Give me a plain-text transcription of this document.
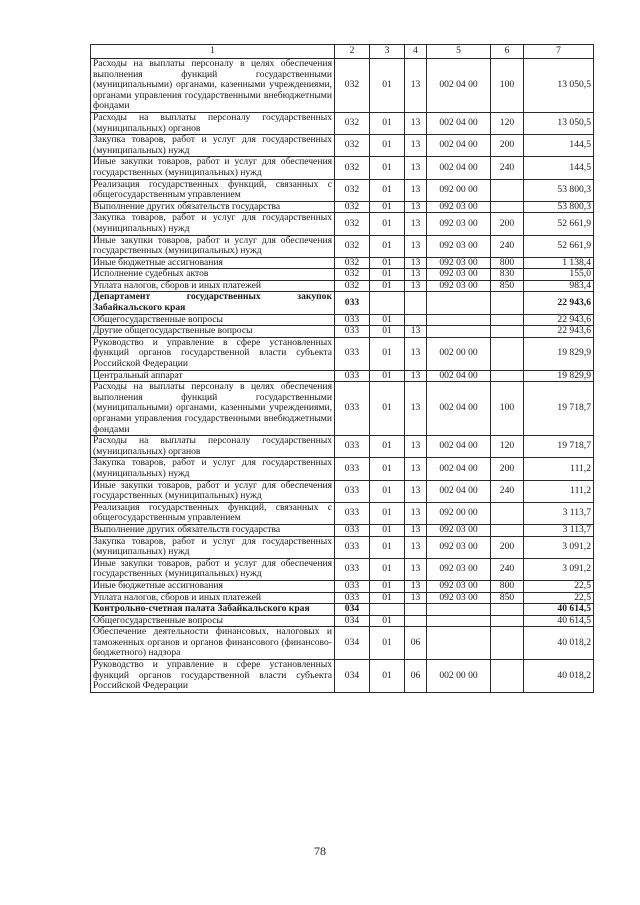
1	2	3	4	5	6	7
Расходы на выплаты персоналу в целях обеспечения выполнения функций государственными (муниципальными) органами, казенными учреждениями, органами управления государственными внебюджетными фондами	032	01	13	002 04 00	100	13 050,5
Расходы на выплаты персоналу государственных (муниципальных) органов	032	01	13	002 04 00	120	13 050,5
Закупка товаров, работ и услуг для государственных (муниципальных) нужд	032	01	13	002 04 00	200	144,5
Иные закупки товаров, работ и услуг для обеспечения государственных (муниципальных) нужд	032	01	13	002 04 00	240	144,5
Реализация государственных функций, связанных с общегосударственным управлением	032	01	13	092 00 00		53 800,3
Выполнение других обязательств государства	032	01	13	092 03 00		53 800,3
Закупка товаров, работ и услуг для государственных (муниципальных) нужд	032	01	13	092 03 00	200	52 661,9
Иные закупки товаров, работ и услуг для обеспечения государственных (муниципальных) нужд	032	01	13	092 03 00	240	52 661,9
Иные бюджетные ассигнования	032	01	13	092 03 00	800	1 138,4
Исполнение судебных актов	032	01	13	092 03 00	830	155,0
Уплата налогов, сборов и иных платежей	032	01	13	092 03 00	850	983,4
Департамент государственных закупок Забайкальского края	033					22 943,6
Общегосударственные вопросы	033	01				22 943,6
Другие общегосударственные вопросы	033	01	13			22 943,6
Руководство и управление в сфере установленных функций органов государственной власти субъекта Российской Федерации	033	01	13	002 00 00		19 829,9
Центральный аппарат	033	01	13	002 04 00		19 829,9
Расходы на выплаты персоналу в целях обеспечения выполнения функций государственными (муниципальными) органами, казенными учреждениями, органами управления государственными внебюджетными фондами	033	01	13	002 04 00	100	19 718,7
Расходы на выплаты персоналу государственных (муниципальных) органов	033	01	13	002 04 00	120	19 718,7
Закупка товаров, работ и услуг для государственных (муниципальных) нужд	033	01	13	002 04 00	200	111,2
Иные закупки товаров, работ и услуг для обеспечения государственных (муниципальных) нужд	033	01	13	002 04 00	240	111,2
Реализация государственных функций, связанных с общегосударственным управлением	033	01	13	092 00 00		3 113,7
Выполнение других обязательств государства	033	01	13	092 03 00		3 113,7
Закупка товаров, работ и услуг для государственных (муниципальных) нужд	033	01	13	092 03 00	200	3 091,2
Иные закупки товаров, работ и услуг для обеспечения государственных (муниципальных) нужд	033	01	13	092 03 00	240	3 091,2
Иные бюджетные ассигнования	033	01	13	092 03 00	800	22,5
Уплата налогов, сборов и иных платежей	033	01	13	092 03 00	850	22,5
Контрольно-счетная палата Забайкальского края	034					40 614,5
Общегосударственные вопросы	034	01				40 614,5
Обеспечение деятельности финансовых, налоговых и таможенных органов и органов финансового (финансово-бюджетного) надзора	034	01	06			40 018,2
Руководство и управление в сфере установленных функций органов государственной власти субъекта Российской Федерации	034	01	06	002 00 00		40 018,2
78
